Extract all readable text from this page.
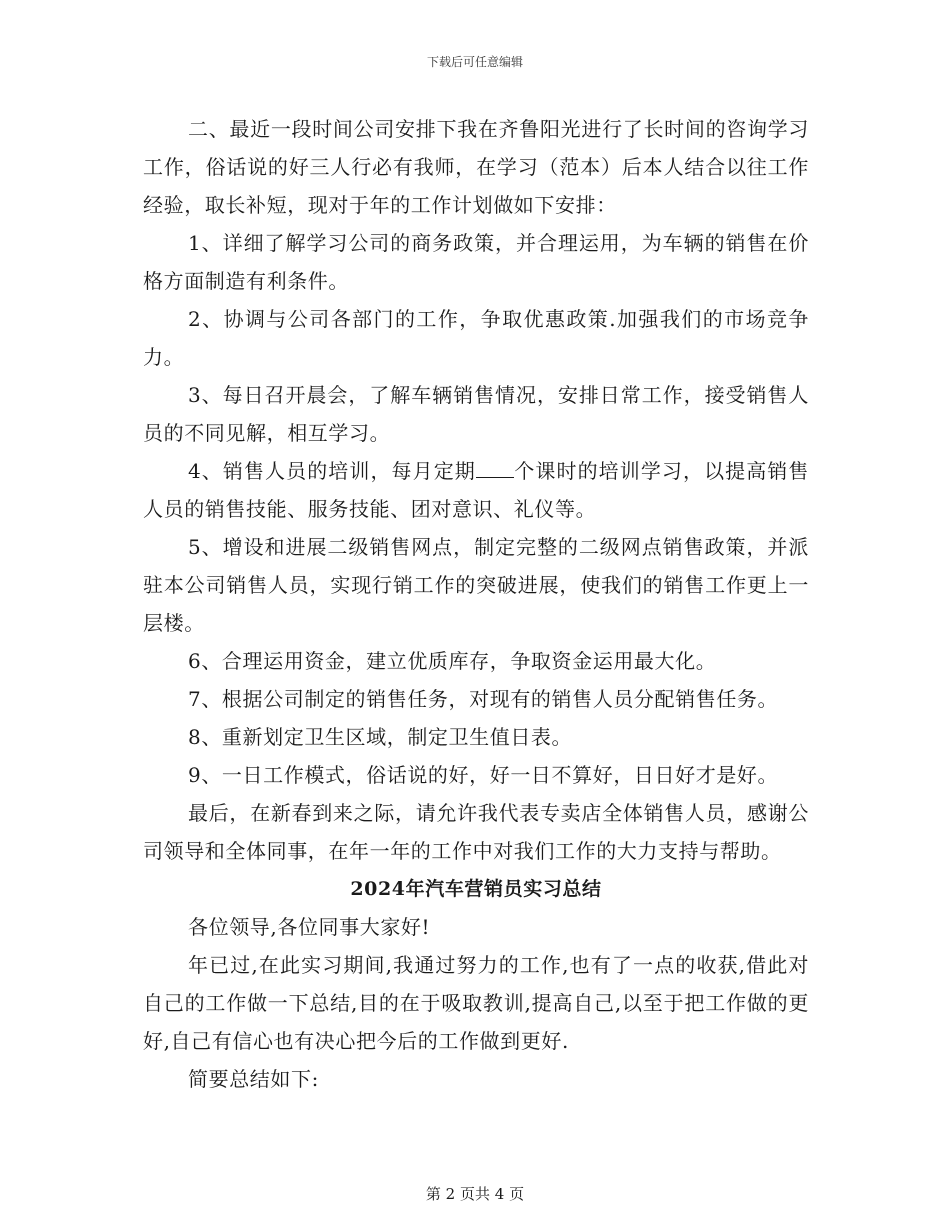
下载后可任意编辑

二、最近一段时间公司安排下我在齐鲁阳光进行了长时间的咨询学习工作，俗话说的好三人行必有我师，在学习（范本）后本人结合以往工作经验，取长补短，现对于年的工作计划做如下安排：

1、详细了解学习公司的商务政策，并合理运用，为车辆的销售在价格方面制造有利条件。

2、协调与公司各部门的工作，争取优惠政策.加强我们的市场竞争力。

3、每日召开晨会，了解车辆销售情况，安排日常工作，接受销售人员的不同见解，相互学习。

4、销售人员的培训，每月定期 个课时的培训学习，以提高销售人员的销售技能、服务技能、团对意识、礼仪等。

5、增设和进展二级销售网点，制定完整的二级网点销售政策，并派驻本公司销售人员，实现行销工作的突破进展，使我们的销售工作更上一层楼。

6、合理运用资金，建立优质库存，争取资金运用最大化。

7、根据公司制定的销售任务，对现有的销售人员分配销售任务。

8、重新划定卫生区域，制定卫生值日表。

9、一日工作模式，俗话说的好，好一日不算好，日日好才是好。

最后，在新春到来之际，请允许我代表专卖店全体销售人员，感谢公司领导和全体同事，在年一年的工作中对我们工作的大力支持与帮助。

2024年汽车营销员实习总结

各位领导,各位同事大家好!

年已过,在此实习期间,我通过努力的工作,也有了一点的收获,借此对自己的工作做一下总结,目的在于吸取教训,提高自己,以至于把工作做的更好,自己有信心也有决心把今后的工作做到更好.

简要总结如下:

第 2 页共 4 页
